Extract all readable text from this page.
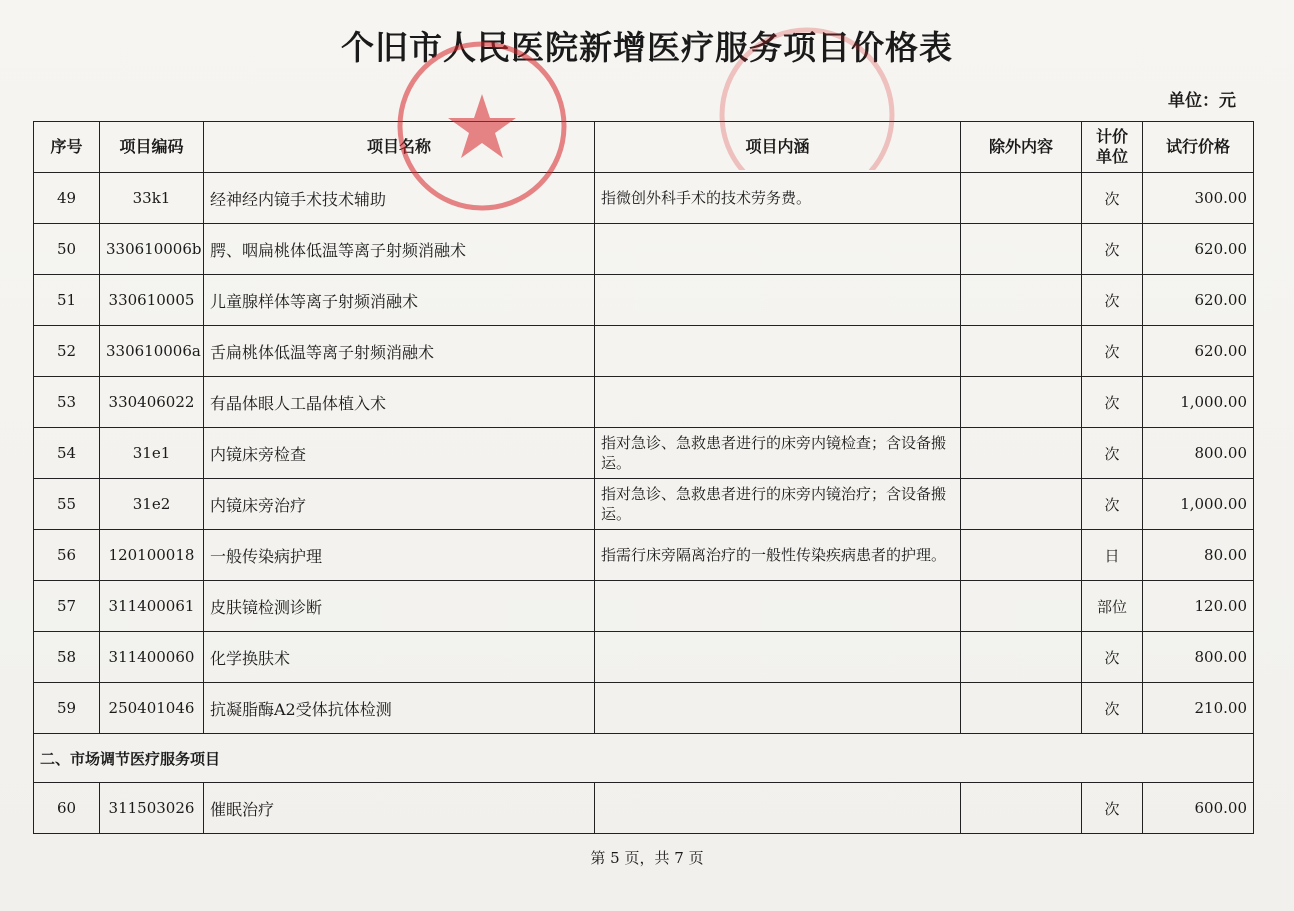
个旧市人民医院新增医疗服务项目价格表
单位：元
序号	项目编码	项目名称	项目内涵	除外内容	计价单位	试行价格
49	33k1	经神经内镜手术技术辅助	指微创外科手术的技术劳务费。		次	300.00
50	330610006b	腭、咽扁桃体低温等离子射频消融术			次	620.00
51	330610005	儿童腺样体等离子射频消融术			次	620.00
52	330610006a	舌扁桃体低温等离子射频消融术			次	620.00
53	330406022	有晶体眼人工晶体植入术			次	1,000.00
54	31e1	内镜床旁检查	指对急诊、急救患者进行的床旁内镜检查；含设备搬运。		次	800.00
55	31e2	内镜床旁治疗	指对急诊、急救患者进行的床旁内镜治疗；含设备搬运。		次	1,000.00
56	120100018	一般传染病护理	指需行床旁隔离治疗的一般性传染疾病患者的护理。		日	80.00
57	311400061	皮肤镜检测诊断			部位	120.00
58	311400060	化学换肤术			次	800.00
59	250401046	抗凝脂酶A2受体抗体检测			次	210.00
二、市场调节医疗服务项目						
60	311503026	催眠治疗			次	600.00
第 5 页，共 7 页
